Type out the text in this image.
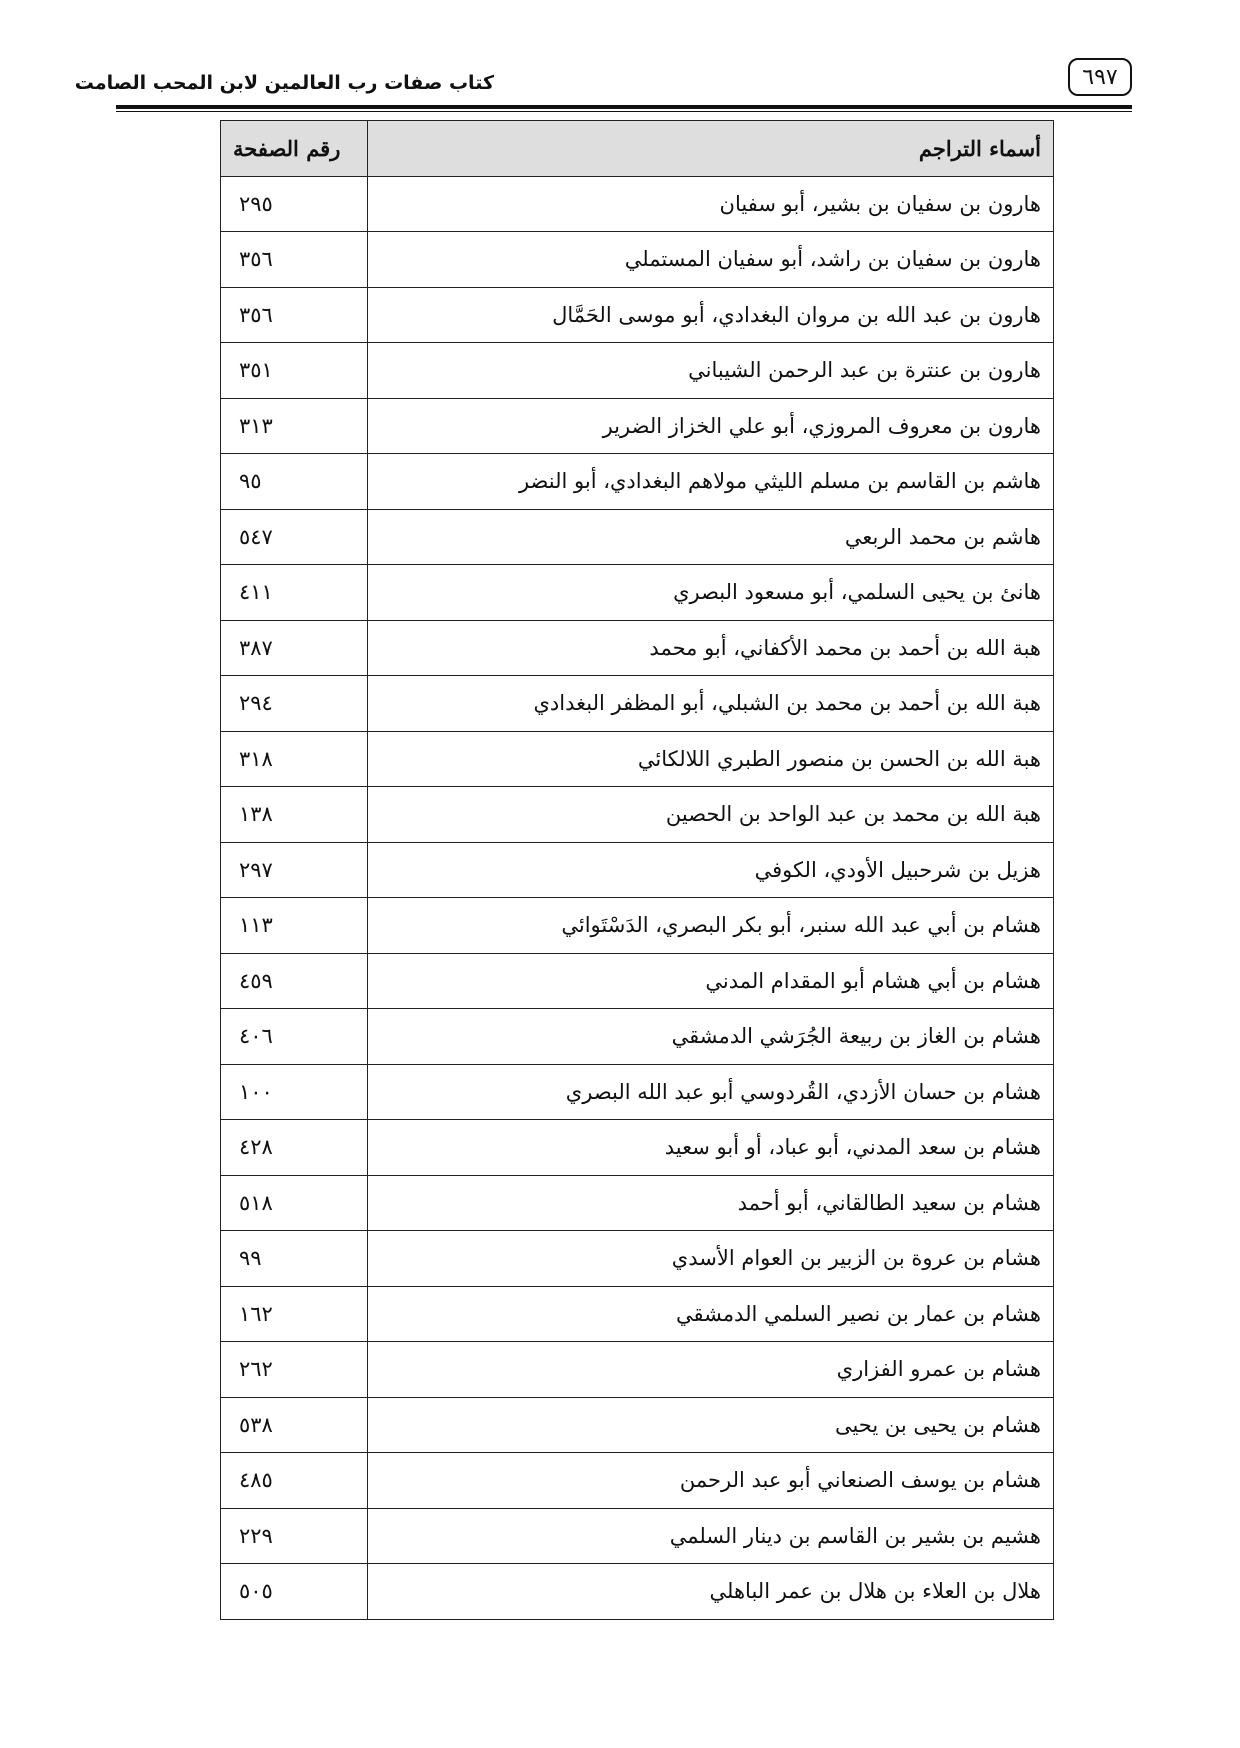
٦٩٧
كتاب صفات رب العالمين لابن المحب الصامت
أسماء التراجم	رقم الصفحة
هارون بن سفيان بن بشير، أبو سفيان	٢٩٥
هارون بن سفيان بن راشد، أبو سفيان المستملي	٣٥٦
هارون بن عبد الله بن مروان البغدادي، أبو موسى الحَمَّال	٣٥٦
هارون بن عنترة بن عبد الرحمن الشيباني	٣٥١
هارون بن معروف المروزي، أبو علي الخزاز الضرير	٣١٣
هاشم بن القاسم بن مسلم الليثي مولاهم البغدادي، أبو النضر	٩٥
هاشم بن محمد الربعي	٥٤٧
هانئ بن يحيى السلمي، أبو مسعود البصري	٤١١
هبة الله بن أحمد بن محمد الأكفاني، أبو محمد	٣٨٧
هبة الله بن أحمد بن محمد بن الشبلي، أبو المظفر البغدادي	٢٩٤
هبة الله بن الحسن بن منصور الطبري اللالكائي	٣١٨
هبة الله بن محمد بن عبد الواحد بن الحصين	١٣٨
هزيل بن شرحبيل الأودي، الكوفي	٢٩٧
هشام بن أبي عبد الله سنبر، أبو بكر البصري، الدَسْتَوائي	١١٣
هشام بن أبي هشام أبو المقدام المدني	٤٥٩
هشام بن الغاز بن ربيعة الجُرَشي الدمشقي	٤٠٦
هشام بن حسان الأزدي، القُردوسي أبو عبد الله البصري	١٠٠
هشام بن سعد المدني، أبو عباد، أو أبو سعيد	٤٢٨
هشام بن سعيد الطالقاني، أبو أحمد	٥١٨
هشام بن عروة بن الزبير بن العوام الأسدي	٩٩
هشام بن عمار بن نصير السلمي الدمشقي	١٦٢
هشام بن عمرو الفزاري	٢٦٢
هشام بن يحيى بن يحيى	٥٣٨
هشام بن يوسف الصنعاني أبو عبد الرحمن	٤٨٥
هشيم بن بشير بن القاسم بن دينار السلمي	٢٢٩
هلال بن العلاء بن هلال بن عمر الباهلي	٥٠٥
